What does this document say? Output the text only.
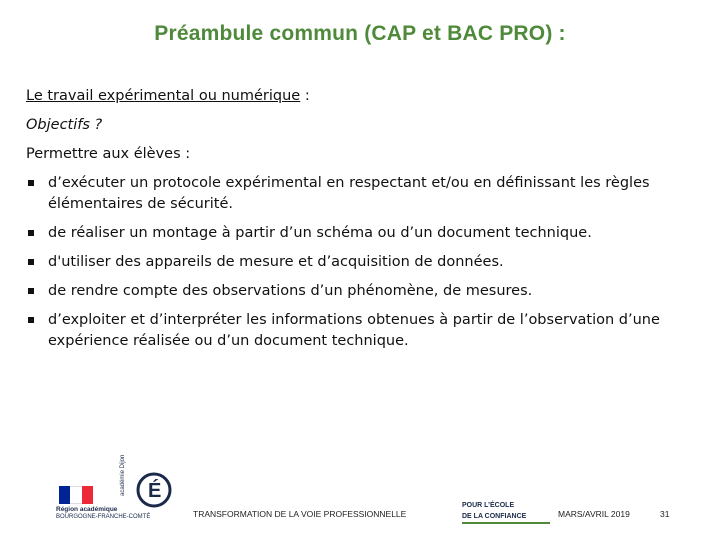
Préambule commun (CAP et BAC PRO) :

Le travail expérimental ou numérique :

Objectifs ?

Permettre aux élèves :

d’exécuter un protocole expérimental en respectant et/ou en définissant les règles élémentaires de sécurité.
de réaliser un montage à partir d’un schéma ou d’un document technique.
d'utiliser des appareils de mesure et d’acquisition de données.
de rendre compte des observations d’un phénomène, de mesures.
d’exploiter et d’interpréter les informations obtenues à partir de l’observation d’une expérience réalisée ou d’un document technique.
Région académique
BOURGOGNE-FRANCHE-COMTÉ
É
académie Dijon
TRANSFORMATION DE LA VOIE PROFESSIONNELLE
POUR L’ÉCOLE
DE LA CONFIANCE	MARS/AVRIL 2019	31
